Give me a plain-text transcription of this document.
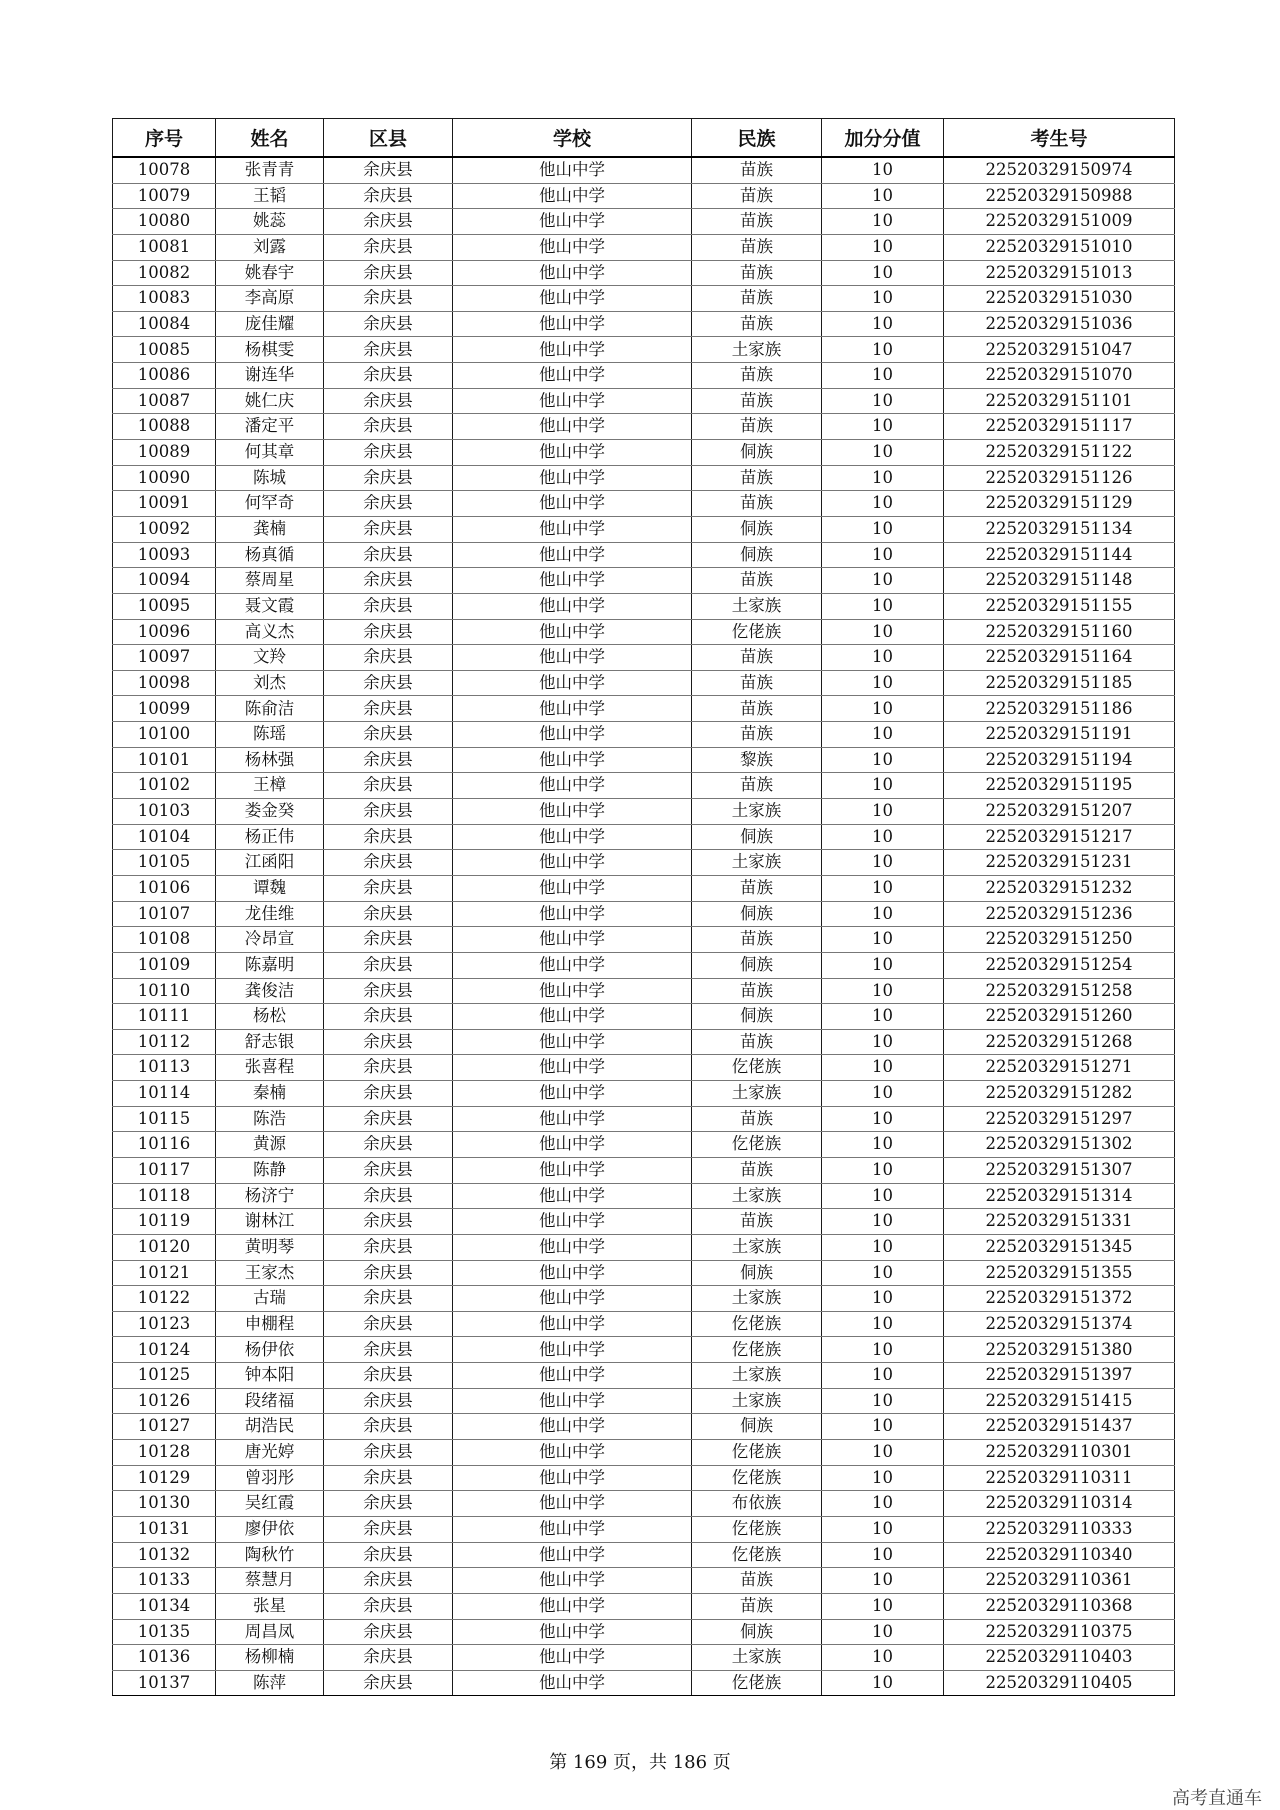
序号	姓名	区县	学校	民族	加分分值	考生号
10078	张青青	余庆县	他山中学	苗族	10	22520329150974
10079	王韬	余庆县	他山中学	苗族	10	22520329150988
10080	姚蕊	余庆县	他山中学	苗族	10	22520329151009
10081	刘露	余庆县	他山中学	苗族	10	22520329151010
10082	姚春宇	余庆县	他山中学	苗族	10	22520329151013
10083	李高原	余庆县	他山中学	苗族	10	22520329151030
10084	庞佳耀	余庆县	他山中学	苗族	10	22520329151036
10085	杨棋雯	余庆县	他山中学	土家族	10	22520329151047
10086	谢连华	余庆县	他山中学	苗族	10	22520329151070
10087	姚仁庆	余庆县	他山中学	苗族	10	22520329151101
10088	潘定平	余庆县	他山中学	苗族	10	22520329151117
10089	何其章	余庆县	他山中学	侗族	10	22520329151122
10090	陈城	余庆县	他山中学	苗族	10	22520329151126
10091	何罕奇	余庆县	他山中学	苗族	10	22520329151129
10092	龚楠	余庆县	他山中学	侗族	10	22520329151134
10093	杨真循	余庆县	他山中学	侗族	10	22520329151144
10094	蔡周星	余庆县	他山中学	苗族	10	22520329151148
10095	聂文霞	余庆县	他山中学	土家族	10	22520329151155
10096	高义杰	余庆县	他山中学	仡佬族	10	22520329151160
10097	文羚	余庆县	他山中学	苗族	10	22520329151164
10098	刘杰	余庆县	他山中学	苗族	10	22520329151185
10099	陈俞洁	余庆县	他山中学	苗族	10	22520329151186
10100	陈瑶	余庆县	他山中学	苗族	10	22520329151191
10101	杨林强	余庆县	他山中学	黎族	10	22520329151194
10102	王樟	余庆县	他山中学	苗族	10	22520329151195
10103	娄金癸	余庆县	他山中学	土家族	10	22520329151207
10104	杨正伟	余庆县	他山中学	侗族	10	22520329151217
10105	江函阳	余庆县	他山中学	土家族	10	22520329151231
10106	谭魏	余庆县	他山中学	苗族	10	22520329151232
10107	龙佳维	余庆县	他山中学	侗族	10	22520329151236
10108	冷昂宣	余庆县	他山中学	苗族	10	22520329151250
10109	陈嘉明	余庆县	他山中学	侗族	10	22520329151254
10110	龚俊洁	余庆县	他山中学	苗族	10	22520329151258
10111	杨松	余庆县	他山中学	侗族	10	22520329151260
10112	舒志银	余庆县	他山中学	苗族	10	22520329151268
10113	张喜程	余庆县	他山中学	仡佬族	10	22520329151271
10114	秦楠	余庆县	他山中学	土家族	10	22520329151282
10115	陈浩	余庆县	他山中学	苗族	10	22520329151297
10116	黄源	余庆县	他山中学	仡佬族	10	22520329151302
10117	陈静	余庆县	他山中学	苗族	10	22520329151307
10118	杨济宁	余庆县	他山中学	土家族	10	22520329151314
10119	谢林江	余庆县	他山中学	苗族	10	22520329151331
10120	黄明琴	余庆县	他山中学	土家族	10	22520329151345
10121	王家杰	余庆县	他山中学	侗族	10	22520329151355
10122	古瑞	余庆县	他山中学	土家族	10	22520329151372
10123	申棚程	余庆县	他山中学	仡佬族	10	22520329151374
10124	杨伊依	余庆县	他山中学	仡佬族	10	22520329151380
10125	钟本阳	余庆县	他山中学	土家族	10	22520329151397
10126	段绪福	余庆县	他山中学	土家族	10	22520329151415
10127	胡浩民	余庆县	他山中学	侗族	10	22520329151437
10128	唐光婷	余庆县	他山中学	仡佬族	10	22520329110301
10129	曾羽彤	余庆县	他山中学	仡佬族	10	22520329110311
10130	吴红霞	余庆县	他山中学	布依族	10	22520329110314
10131	廖伊依	余庆县	他山中学	仡佬族	10	22520329110333
10132	陶秋竹	余庆县	他山中学	仡佬族	10	22520329110340
10133	蔡慧月	余庆县	他山中学	苗族	10	22520329110361
10134	张星	余庆县	他山中学	苗族	10	22520329110368
10135	周昌凤	余庆县	他山中学	侗族	10	22520329110375
10136	杨柳楠	余庆县	他山中学	土家族	10	22520329110403
10137	陈萍	余庆县	他山中学	仡佬族	10	22520329110405
第 169 页，共 186 页
高考直通车
